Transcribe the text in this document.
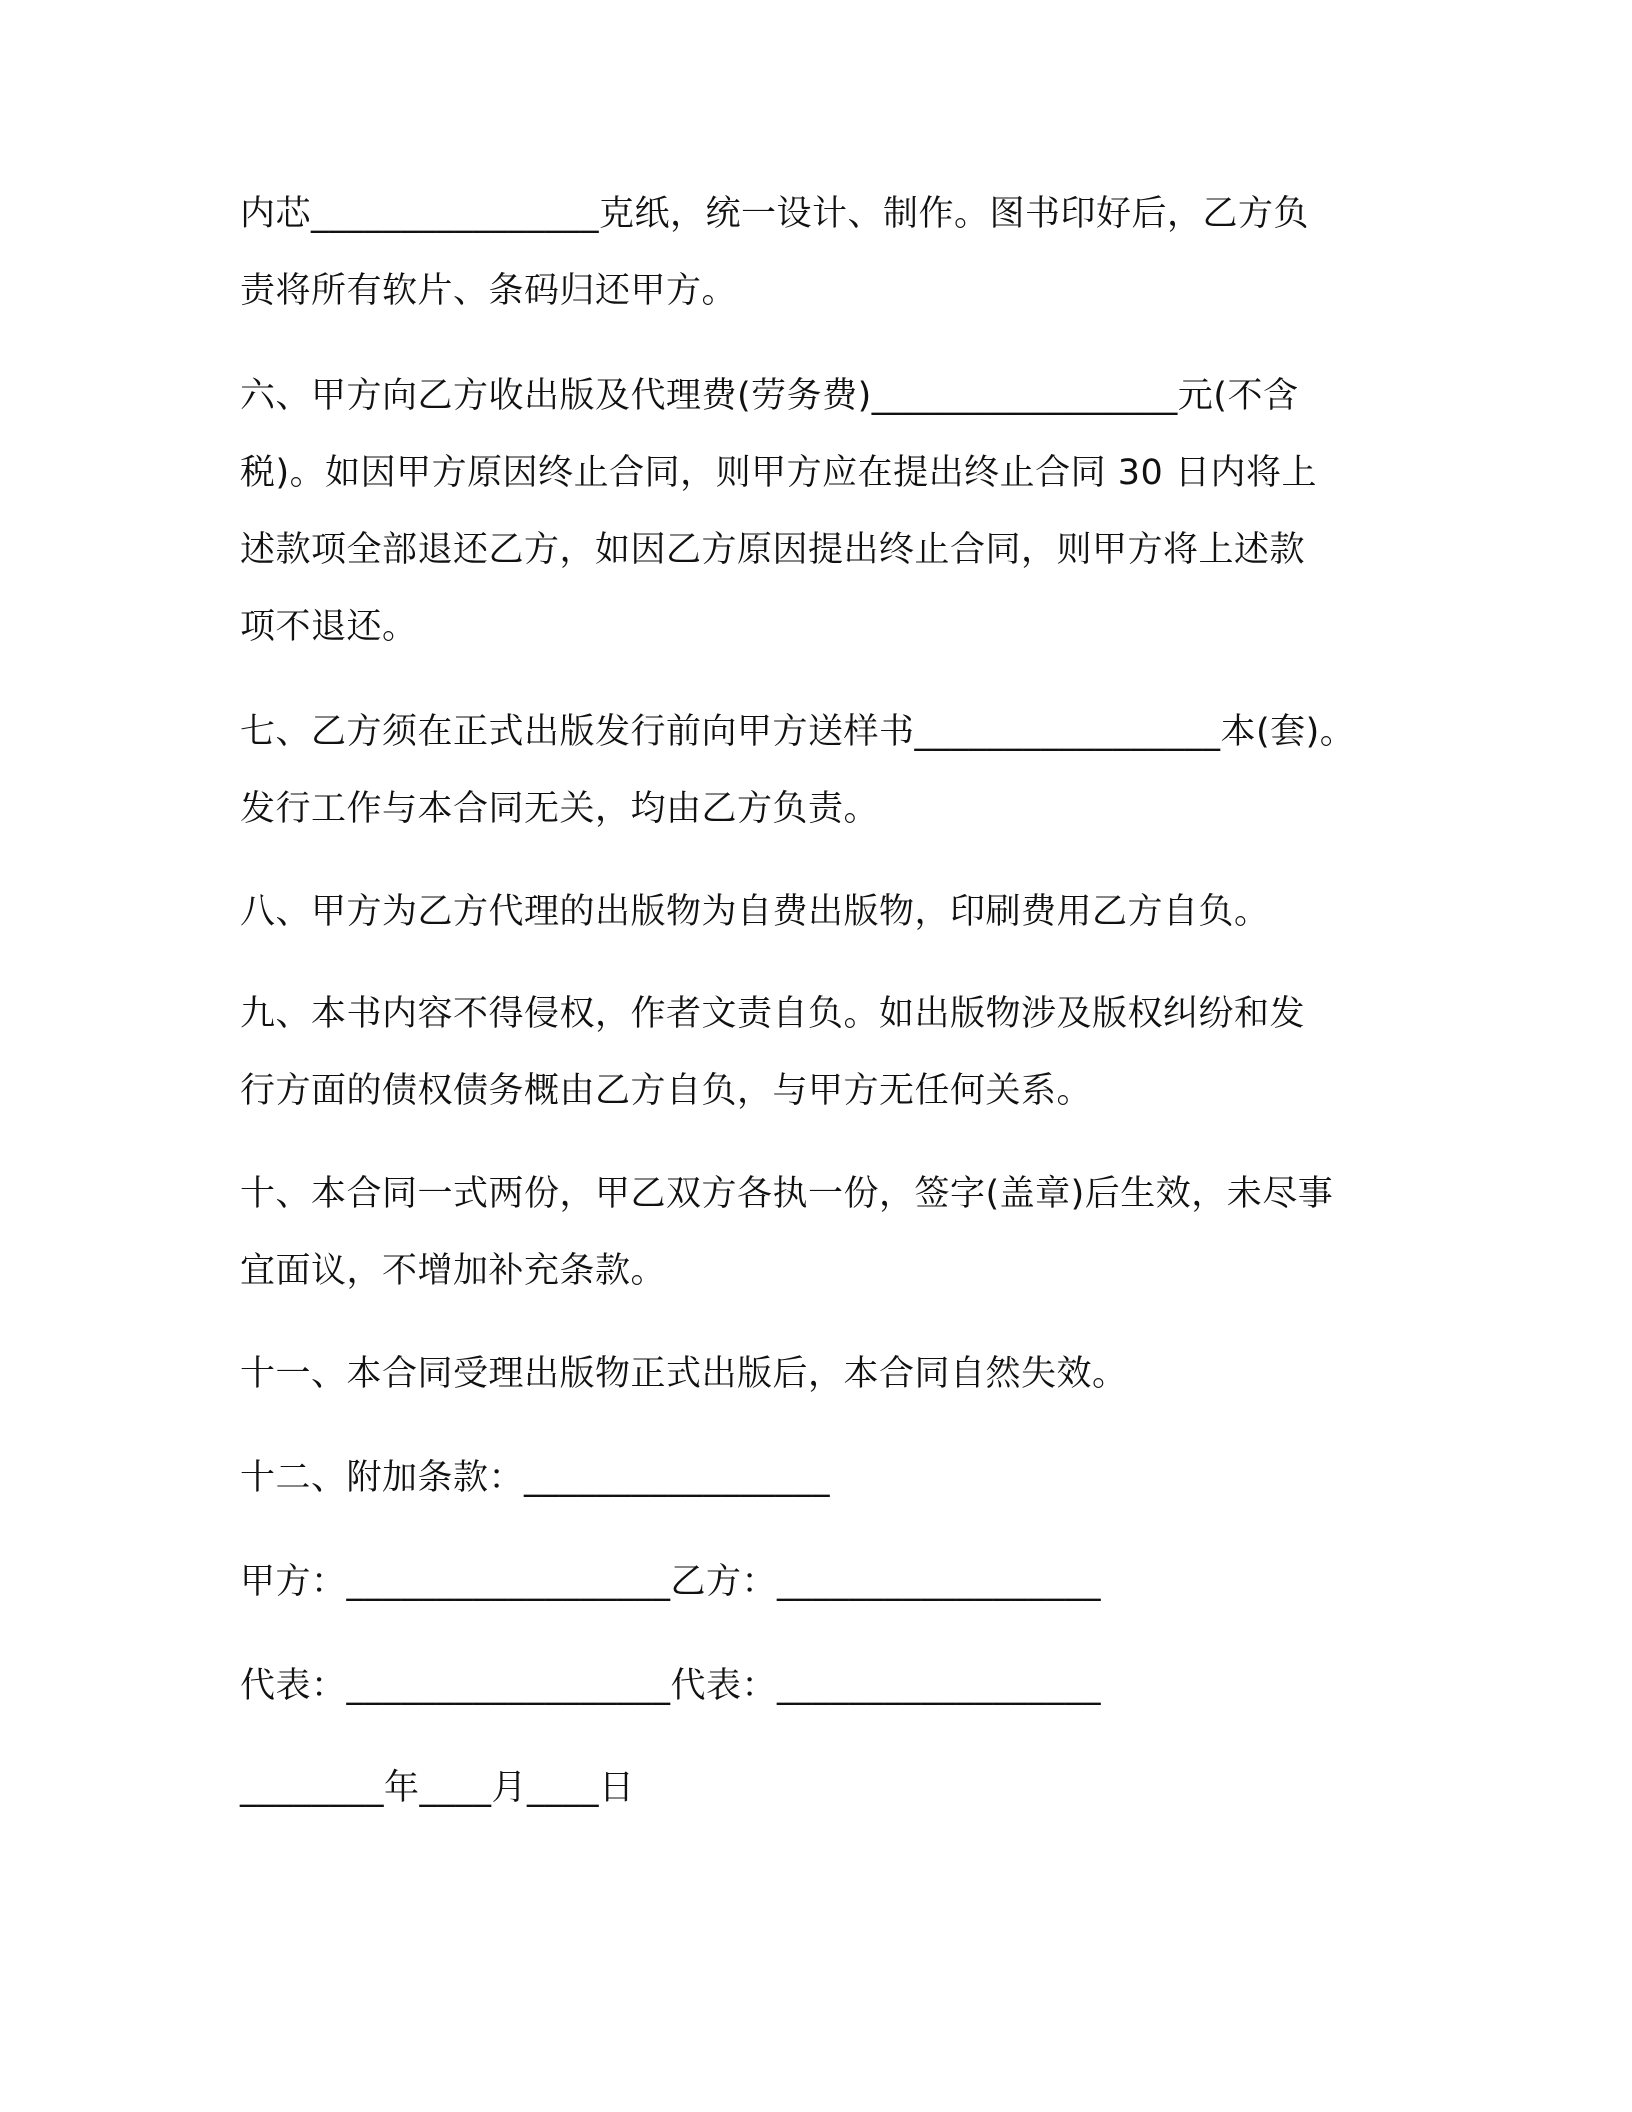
内芯________________克纸，统一设计、制作。图书印好后，乙方负
责将所有软片、条码归还甲方。

六、甲方向乙方收出版及代理费(劳务费)_________________元(不含
税)。如因甲方原因终止合同，则甲方应在提出终止合同 30 日内将上
述款项全部退还乙方，如因乙方原因提出终止合同，则甲方将上述款
项不退还。

七、乙方须在正式出版发行前向甲方送样书_________________本(套)。
发行工作与本合同无关，均由乙方负责。

八、甲方为乙方代理的出版物为自费出版物，印刷费用乙方自负。

九、本书内容不得侵权，作者文责自负。如出版物涉及版权纠纷和发
行方面的债权债务概由乙方自负，与甲方无任何关系。

十、本合同一式两份，甲乙双方各执一份，签字(盖章)后生效，未尽事
宜面议，不增加补充条款。

十一、本合同受理出版物正式出版后，本合同自然失效。

十二、附加条款：_________________

甲方：__________________乙方：__________________

代表：__________________代表：__________________

________年____月____日
